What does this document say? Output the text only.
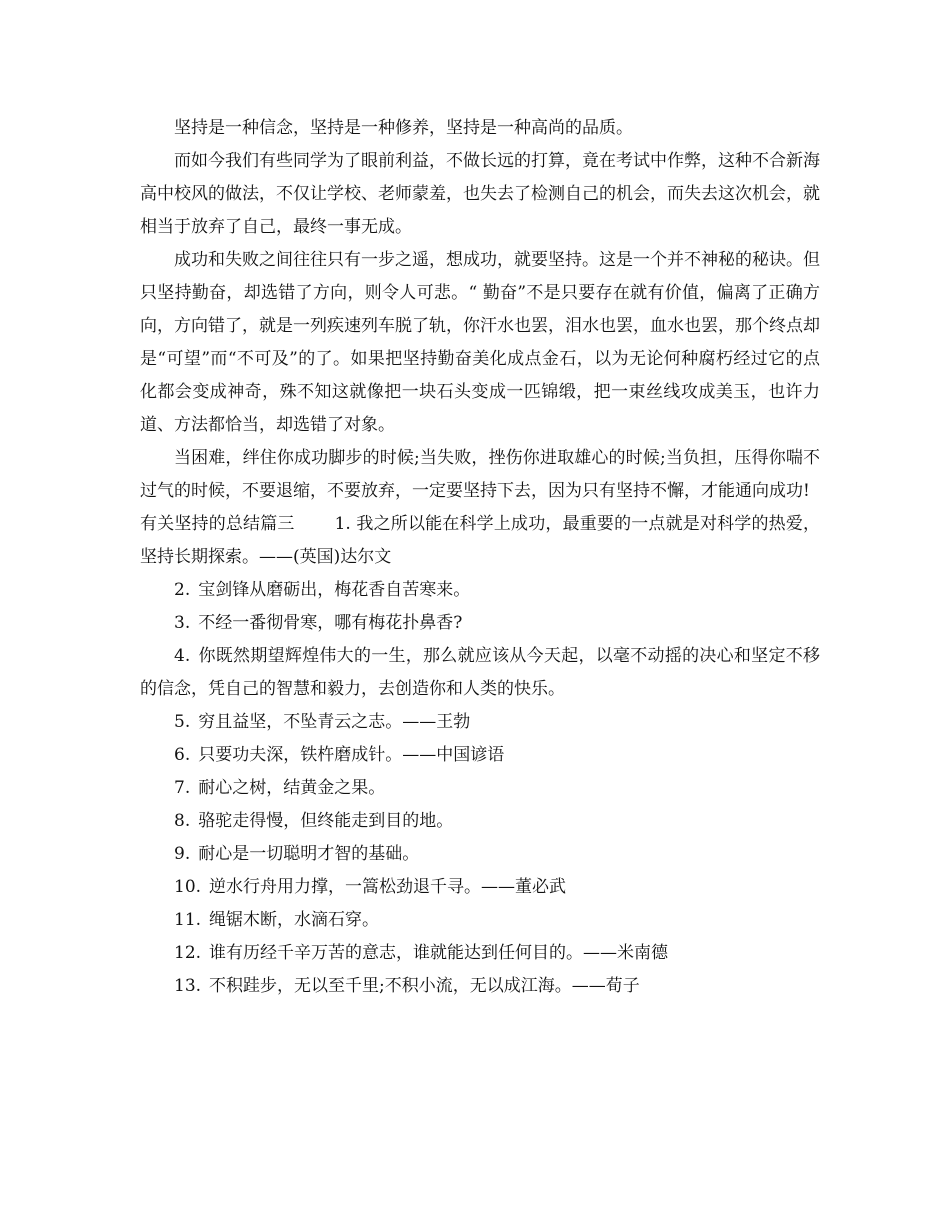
坚持是一种信念，坚持是一种修养，坚持是一种高尚的品质。

而如今我们有些同学为了眼前利益，不做长远的打算，竟在考试中作弊，这种不合新海高中校风的做法，不仅让学校、老师蒙羞，也失去了检测自己的机会，而失去这次机会，就相当于放弃了自己，最终一事无成。

成功和失败之间往往只有一步之遥，想成功，就要坚持。这是一个并不神秘的秘诀。但只坚持勤奋，却选错了方向，则令人可悲。“ 勤奋”不是只要存在就有价值，偏离了正确方向，方向错了，就是一列疾速列车脱了轨，你汗水也罢，泪水也罢，血水也罢，那个终点却是“可望”而“不可及”的了。如果把坚持勤奋美化成点金石，以为无论何种腐朽经过它的点化都会变成神奇，殊不知这就像把一块石头变成一匹锦缎，把一束丝线攻成美玉，也许力道、方法都恰当，却选错了对象。

当困难，绊住你成功脚步的时候;当失败，挫伤你进取雄心的时候;当负担，压得你喘不过气的时候，不要退缩，不要放弃，一定要坚持下去，因为只有坚持不懈，才能通向成功!

有关坚持的总结篇三 1. 我之所以能在科学上成功，最重要的一点就是对科学的热爱，坚持长期探索。——(英国)达尔文

2. 宝剑锋从磨砺出，梅花香自苦寒来。

3. 不经一番彻骨寒，哪有梅花扑鼻香?

4. 你既然期望辉煌伟大的一生，那么就应该从今天起，以毫不动摇的决心和坚定不移的信念，凭自己的智慧和毅力，去创造你和人类的快乐。

5. 穷且益坚，不坠青云之志。——王勃

6. 只要功夫深，铁杵磨成针。——中国谚语

7. 耐心之树，结黄金之果。

8. 骆驼走得慢，但终能走到目的地。

9. 耐心是一切聪明才智的基础。

10. 逆水行舟用力撑，一篙松劲退千寻。——董必武

11. 绳锯木断，水滴石穿。

12. 谁有历经千辛万苦的意志，谁就能达到任何目的。——米南德

13. 不积跬步，无以至千里;不积小流，无以成江海。——荀子
